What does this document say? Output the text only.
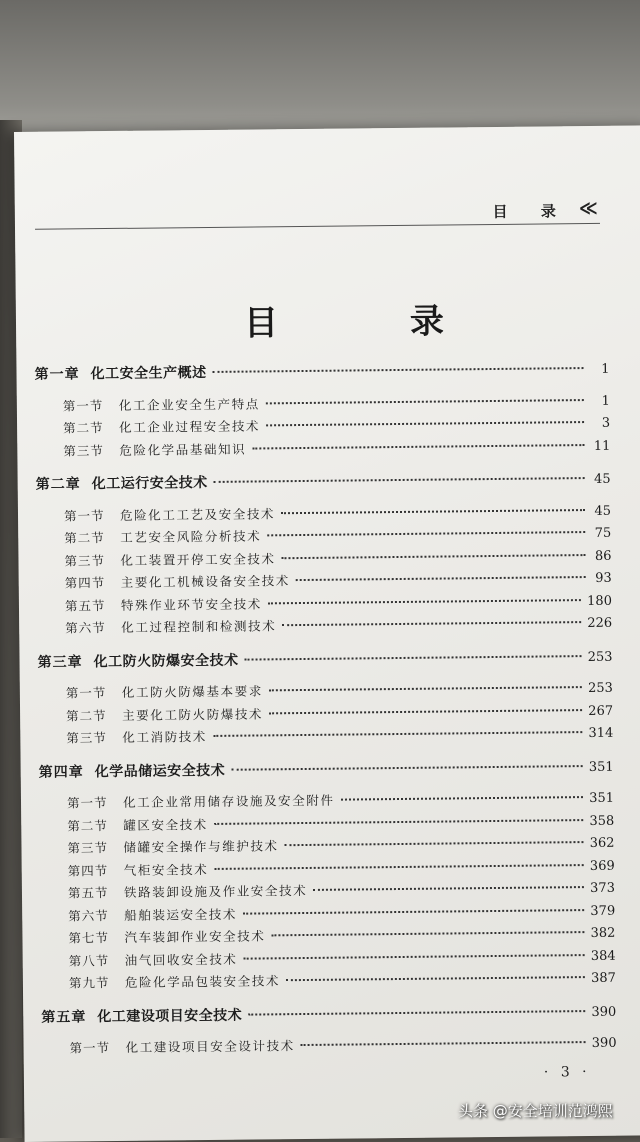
目 录 ≪
目 录
第一章 化工安全生产概述	1
第一节	化工企业安全生产特点	1
第二节	化工企业过程安全技术	3
第三节	危险化学品基础知识	11
第二章 化工运行安全技术	45
第一节	危险化工工艺及安全技术	45
第二节	工艺安全风险分析技术	75
第三节	化工装置开停工安全技术	86
第四节	主要化工机械设备安全技术	93
第五节	特殊作业环节安全技术	180
第六节	化工过程控制和检测技术	226
第三章 化工防火防爆安全技术	253
第一节	化工防火防爆基本要求	253
第二节	主要化工防火防爆技术	267
第三节	化工消防技术	314
第四章 化学品储运安全技术	351
第一节	化工企业常用储存设施及安全附件	351
第二节	罐区安全技术	358
第三节	储罐安全操作与维护技术	362
第四节	气柜安全技术	369
第五节	铁路装卸设施及作业安全技术	373
第六节	船舶装运安全技术	379
第七节	汽车装卸作业安全技术	382
第八节	油气回收安全技术	384
第九节	危险化学品包装安全技术	387
第五章 化工建设项目安全技术	390
第一节	化工建设项目安全设计技术	390
· 3 ·
头条 @安全培训范鸿熙
